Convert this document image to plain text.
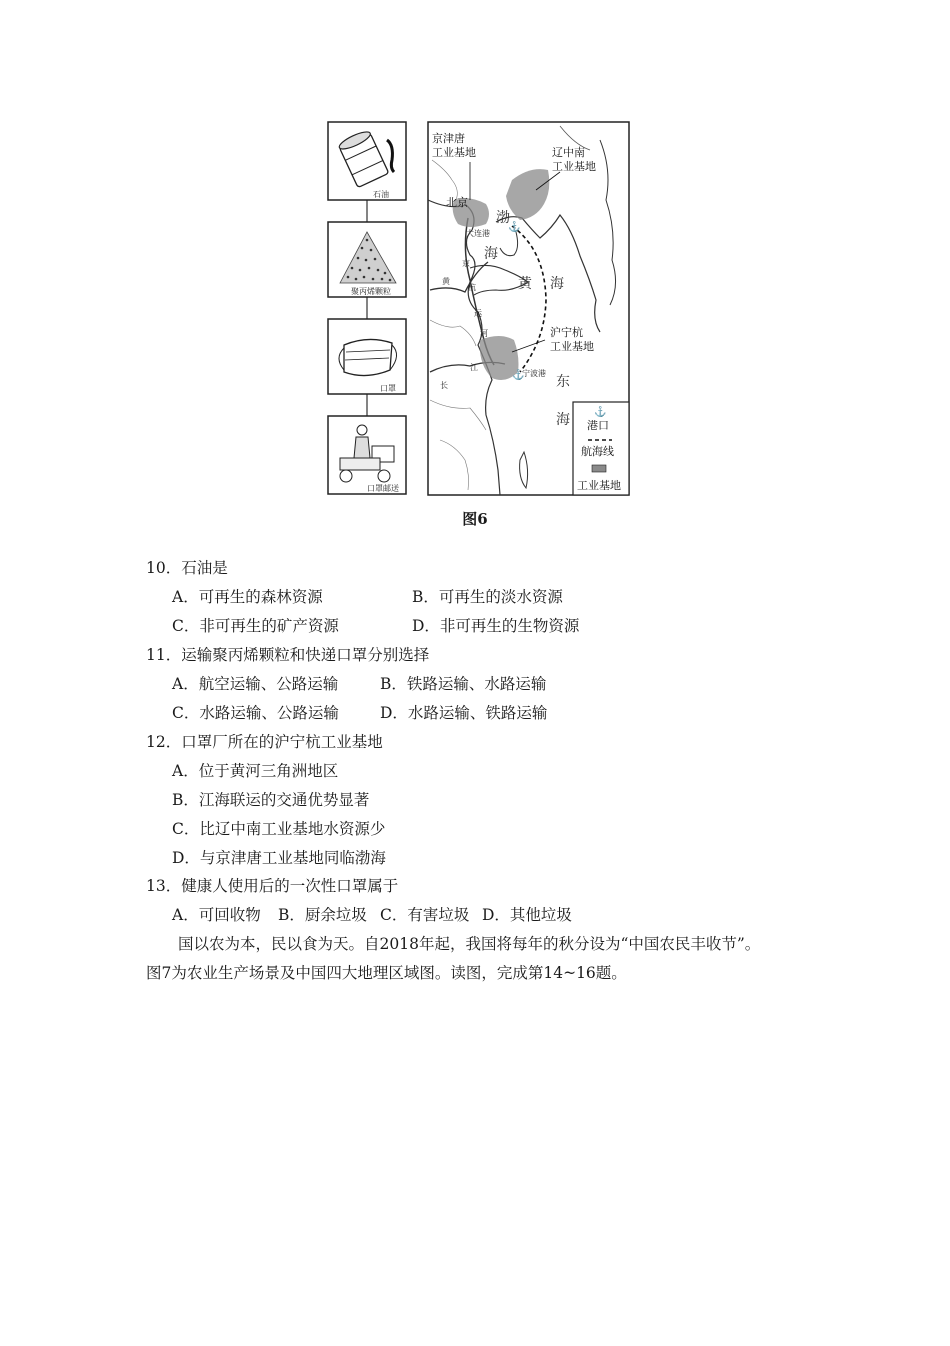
石油
聚丙烯颗粒
口罩
口罩邮送
⚓
⚓
京津唐
工业基地	辽中南
工业基地
沪宁杭
工业基地
北京
大连港
宁波港
渤
海
黄 海
东
海
京
杭
运
河
黄
长
江
⚓
港口
航海线
工业基地
图6
10．石油是
A．可再生的森林资源	B．可再生的淡水资源
C．非可再生的矿产资源	D．非可再生的生物资源
11．运输聚丙烯颗粒和快递口罩分别选择
A．航空运输、公路运输	B．铁路运输、水路运输
C．水路运输、公路运输	D．水路运输、铁路运输
12．口罩厂所在的沪宁杭工业基地
A．位于黄河三角洲地区
B．江海联运的交通优势显著
C．比辽中南工业基地水资源少
D．与京津唐工业基地同临渤海
13．健康人使用后的一次性口罩属于
A．可回收物 B．厨余垃圾 C．有害垃圾 D．其他垃圾
国以农为本，民以食为天。自2018年起，我国将每年的秋分设为“中国农民丰收节”。
图7为农业生产场景及中国四大地理区域图。读图，完成第14~16题。
